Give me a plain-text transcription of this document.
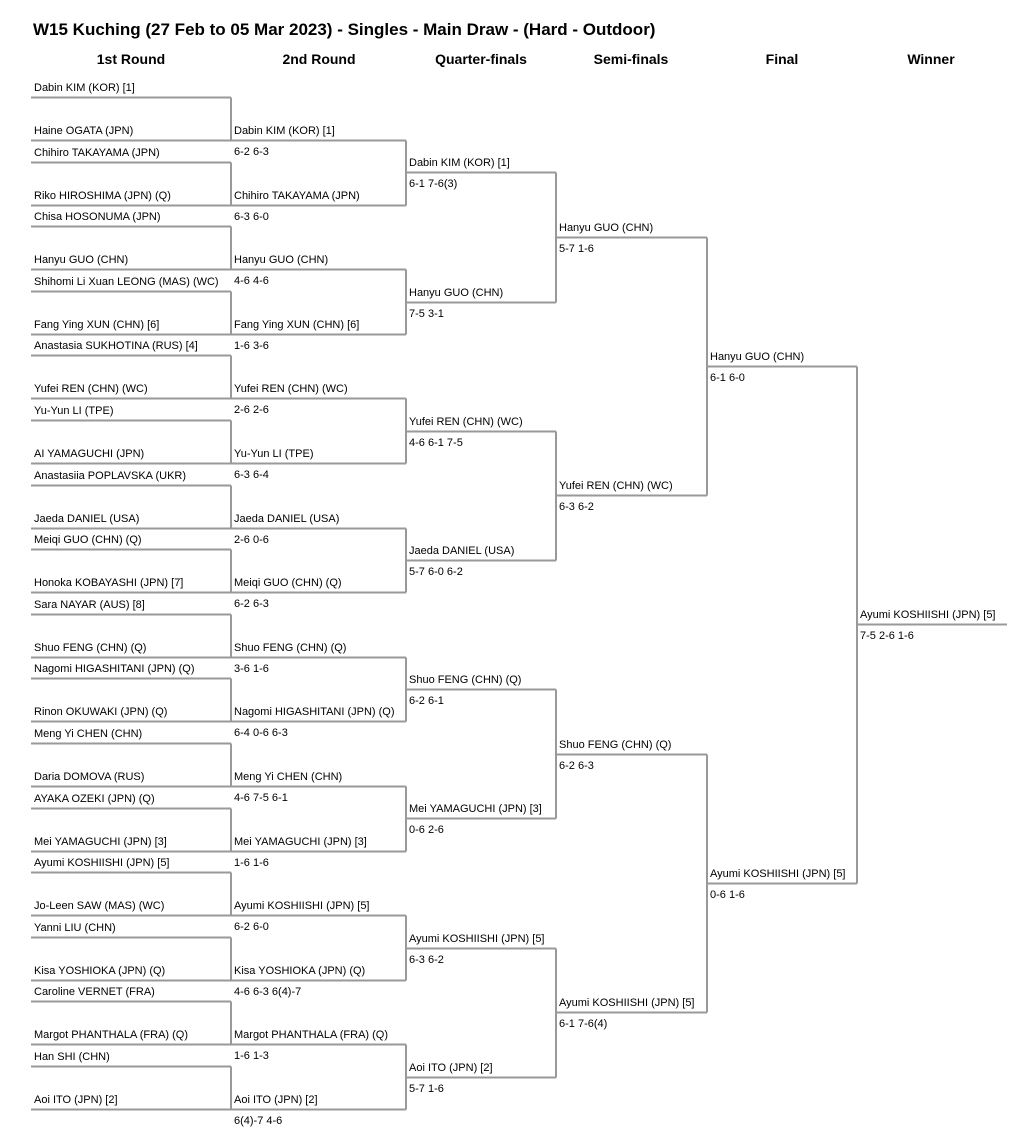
W15 Kuching (27 Feb to 05 Mar 2023) - Singles - Main Draw - (Hard - Outdoor)
1st Round	2nd Round	Quarter-finals	Semi-finals	Final	Winner
Dabin KIM (KOR) [1]
Haine OGATA (JPN)
Chihiro TAKAYAMA (JPN)
Riko HIROSHIMA (JPN) (Q)
Chisa HOSONUMA (JPN)
Hanyu GUO (CHN)
Shihomi Li Xuan LEONG (MAS) (WC)
Fang Ying XUN (CHN) [6]
Anastasia SUKHOTINA (RUS) [4]
Yufei REN (CHN) (WC)
Yu-Yun LI (TPE)
AI YAMAGUCHI (JPN)
Anastasiia POPLAVSKA (UKR)
Jaeda DANIEL (USA)
Meiqi GUO (CHN) (Q)
Honoka KOBAYASHI (JPN) [7]
Sara NAYAR (AUS) [8]
Shuo FENG (CHN) (Q)
Nagomi HIGASHITANI (JPN) (Q)
Rinon OKUWAKI (JPN) (Q)
Meng Yi CHEN (CHN)
Daria DOMOVA (RUS)
AYAKA OZEKI (JPN) (Q)
Mei YAMAGUCHI (JPN) [3]
Ayumi KOSHIISHI (JPN) [5]
Jo-Leen SAW (MAS) (WC)
Yanni LIU (CHN)
Kisa YOSHIOKA (JPN) (Q)
Caroline VERNET (FRA)
Margot PHANTHALA (FRA) (Q)
Han SHI (CHN)
Aoi ITO (JPN) [2]
Dabin KIM (KOR) [1]
6-2 6-3
Chihiro TAKAYAMA (JPN)
6-3 6-0
Hanyu GUO (CHN)
4-6 4-6
Fang Ying XUN (CHN) [6]
1-6 3-6
Yufei REN (CHN) (WC)
2-6 2-6
Yu-Yun LI (TPE)
6-3 6-4
Jaeda DANIEL (USA)
2-6 0-6
Meiqi GUO (CHN) (Q)
6-2 6-3
Shuo FENG (CHN) (Q)
3-6 1-6
Nagomi HIGASHITANI (JPN) (Q)
6-4 0-6 6-3
Meng Yi CHEN (CHN)
4-6 7-5 6-1
Mei YAMAGUCHI (JPN) [3]
1-6 1-6
Ayumi KOSHIISHI (JPN) [5]
6-2 6-0
Kisa YOSHIOKA (JPN) (Q)
4-6 6-3 6(4)-7
Margot PHANTHALA (FRA) (Q)
1-6 1-3
Aoi ITO (JPN) [2]
6(4)-7 4-6
Dabin KIM (KOR) [1]
6-1 7-6(3)
Hanyu GUO (CHN)
7-5 3-1
Yufei REN (CHN) (WC)
4-6 6-1 7-5
Jaeda DANIEL (USA)
5-7 6-0 6-2
Shuo FENG (CHN) (Q)
6-2 6-1
Mei YAMAGUCHI (JPN) [3]
0-6 2-6
Ayumi KOSHIISHI (JPN) [5]
6-3 6-2
Aoi ITO (JPN) [2]
5-7 1-6
Hanyu GUO (CHN)
5-7 1-6
Yufei REN (CHN) (WC)
6-3 6-2
Shuo FENG (CHN) (Q)
6-2 6-3
Ayumi KOSHIISHI (JPN) [5]
6-1 7-6(4)
Hanyu GUO (CHN)
6-1 6-0
Ayumi KOSHIISHI (JPN) [5]
0-6 1-6
Ayumi KOSHIISHI (JPN) [5]
7-5 2-6 1-6
